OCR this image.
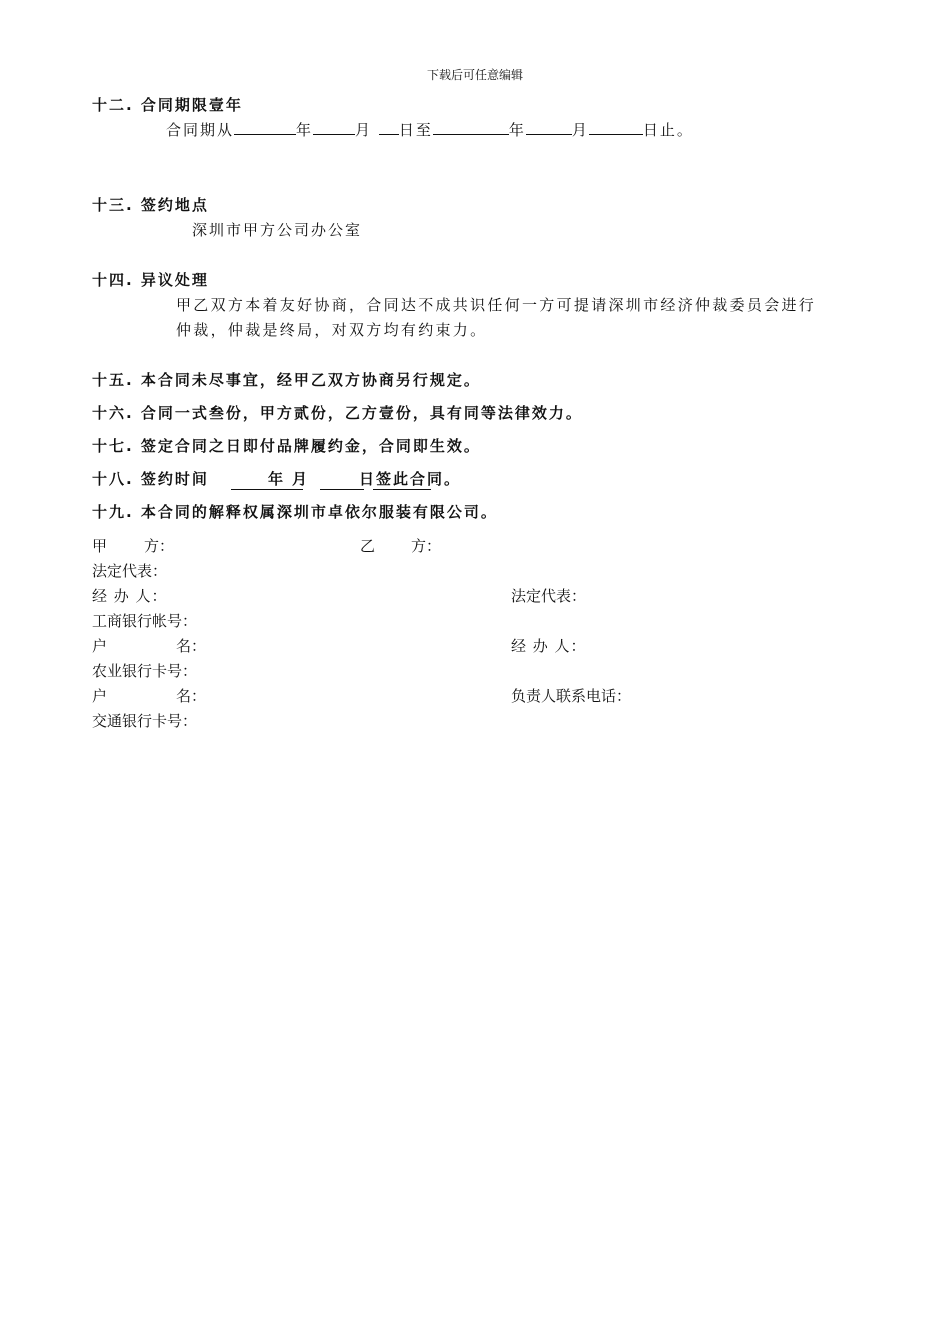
下载后可任意编辑
十二. 合同期限壹年
合同期从	年	月 日至	年	月	日止。
十三. 签约地点
深圳市甲方公司办公室
十四. 异议处理
甲乙双方本着友好协商，合同达不成共识任何一方可提请深圳市经济仲裁委员会进行
仲裁，仲裁是终局，对双方均有约束力。
十五. 本合同未尽事宜，经甲乙双方协商另行规定。
十六. 合同一式叁份，甲方贰份，乙方壹份，具有同等法律效力。
十七. 签定合同之日即付品牌履约金，合同即生效。
十八. 签约时间	年 月	日 签此合同。
十九. 本合同的解释权属深圳市卓依尔服装有限公司。
甲 方：	乙 方：
法定代表：
经 办 人：	法定代表：
工商银行帐号：
户	名：	经 办 人：
农业银行卡号：
户	名：	负责人联系电话：
交通银行卡号：
